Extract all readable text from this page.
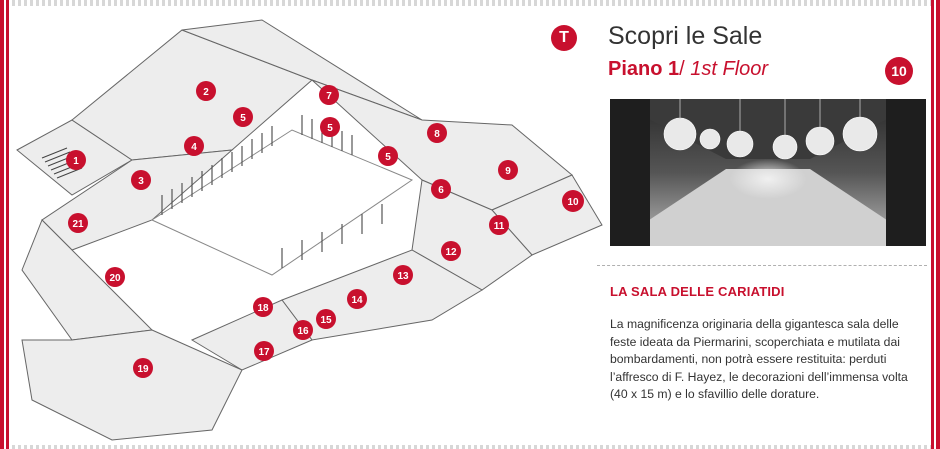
1
2
3
4
5
5
5
6
7
8
9
10
11
12
13
14
15
16
17
18
19
20
21
T	Scopri le Sale
Piano 1/ 1st Floor	10
LA SALA DELLE CARIATIDI
La magnificenza originaria della gigantesca sala delle feste ideata da Piermarini, scoperchiata e mutilata dai bombardamenti, non potrà essere restituita: perduti l’affresco di F. Hayez, le decorazioni dell’immensa volta (40 x 15 m) e lo sfavillio delle dorature.
